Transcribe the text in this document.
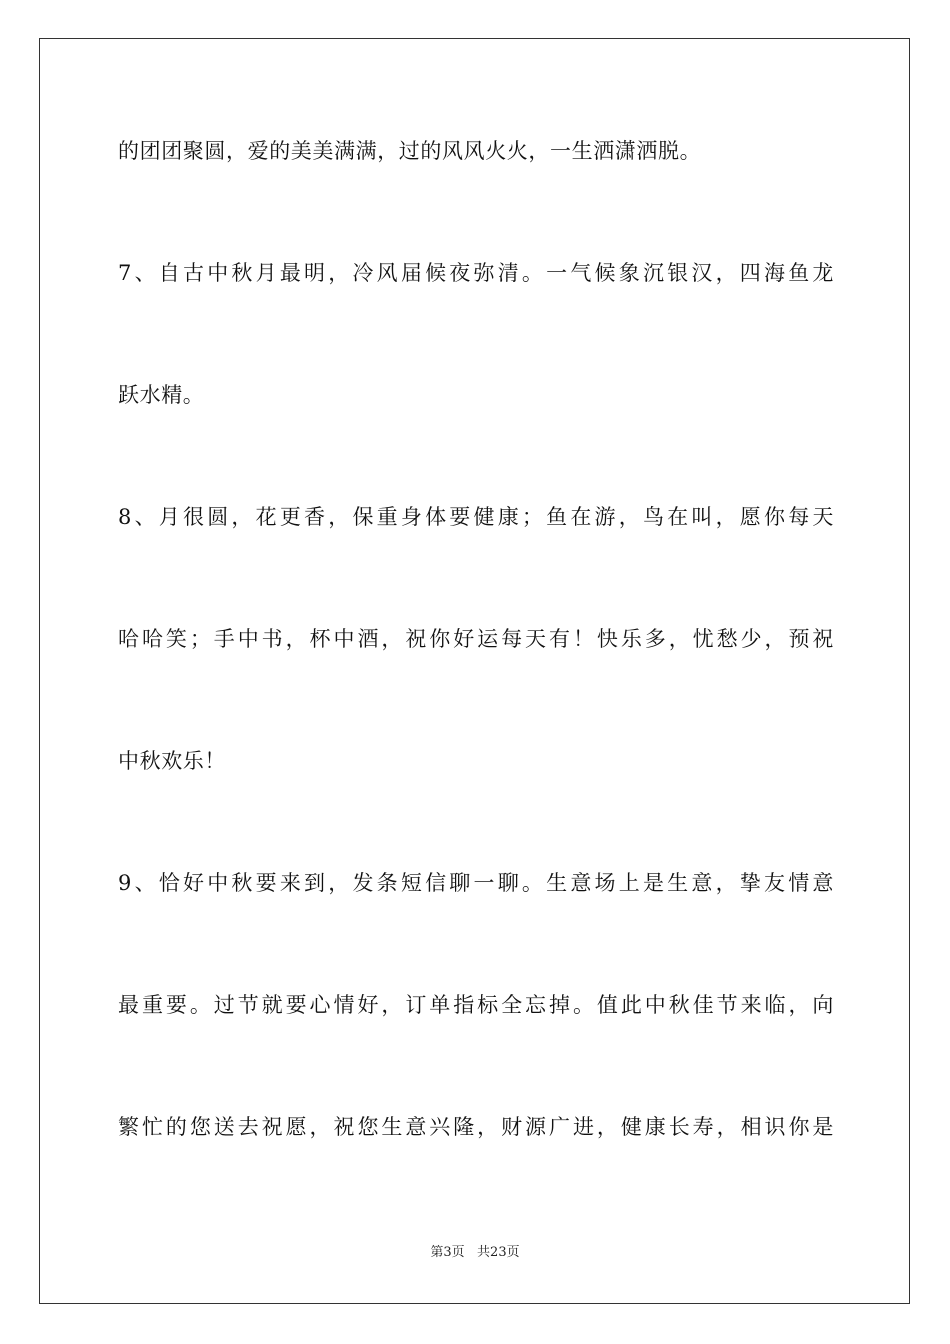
的团团聚圆，爱的美美满满，过的风风火火，一生洒潇洒脱。
7、自古中秋月最明，冷风届候夜弥清。一气候象沉银汉，四海鱼龙
跃水精。
8、月很圆，花更香，保重身体要健康；鱼在游，鸟在叫，愿你每天
哈哈笑；手中书，杯中酒，祝你好运每天有！快乐多，忧愁少，预祝
中秋欢乐！
9、恰好中秋要来到，发条短信聊一聊。生意场上是生意，挚友情意
最重要。过节就要心情好，订单指标全忘掉。值此中秋佳节来临，向
繁忙的您送去祝愿，祝您生意兴隆，财源广进，健康长寿，相识你是
第3页   共23页
